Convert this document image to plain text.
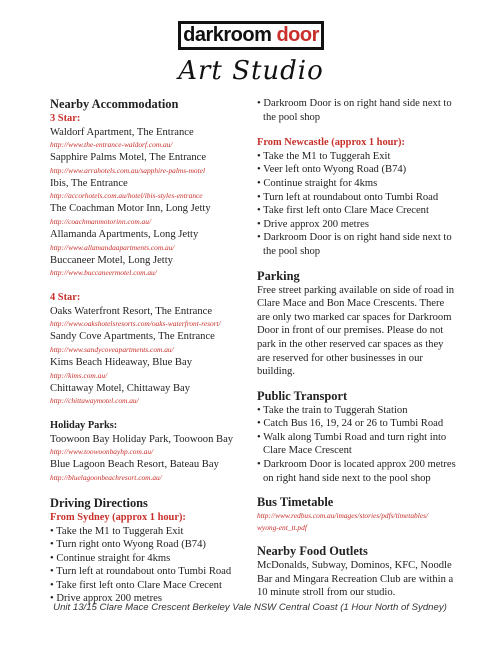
darkroom door
Art Studio
Nearby Accommodation
3 Star:
Waldorf Apartment, The Entrance
http://www.the-entrance-waldorf.com.au/
Sapphire Palms Motel, The Entrance
http://www.arrahotels.com.au/sapphire-palms-motel
Ibis, The Entrance
http://accorhotels.com.au/hotel/ibis-styles-entrance
The Coachman Motor Inn, Long Jetty
http://coachmanmotorinn.com.au/
Allamanda Apartments, Long Jetty
http://www.allamandaapartments.com.au/
Buccaneer Motel, Long Jetty
http://www.buccaneermotel.com.au/
4 Star:
Oaks Waterfront Resort, The Entrance
http://www.oakshotelsresorts.com/oaks-waterfront-resort/
Sandy Cove Apartments, The Entrance
http://www.sandycoveapartments.com.au/
Kims Beach Hideaway, Blue Bay
http://kims.com.au/
Chittaway Motel, Chittaway Bay
http://chittawaymotel.com.au/
Holiday Parks:
Toowoon Bay Holiday Park, Toowoon Bay
http://www.toowoonbayhp.com.au/
Blue Lagoon Beach Resort, Bateau Bay
http://bluelagoonbeachresort.com.au/
Driving Directions
From Sydney (approx 1 hour):
• Take the M1 to Tuggerah Exit
• Turn right onto Wyong Road (B74)
• Continue straight for 4kms
• Turn left at roundabout onto Tumbi Road
• Take first left onto Clare Mace Crecent
• Drive approx 200 metres
• Darkroom Door is on right hand side next to the pool shop
From Newcastle (approx 1 hour):
• Take the M1 to Tuggerah Exit
• Veer left onto Wyong Road (B74)
• Continue straight for 4kms
• Turn left at roundabout onto Tumbi Road
• Take first left onto Clare Mace Crecent
• Drive approx 200 metres
• Darkroom Door is on right hand side next to the pool shop
Parking

Free street parking available on side of road in Clare Mace and Bon Mace Crescents. There are only two marked car spaces for Darkroom Door in front of our premises. Please do not park in the other reserved car spaces as they are reserved for other businesses in our building.

Public Transport
• Take the train to Tuggerah Station
• Catch Bus 16, 19, 24 or 26 to Tumbi Road
• Walk along Tumbi Road and turn right into Clare Mace Crescent
• Darkroom Door is located approx 200 metres on right hand side next to the pool shop
Bus Timetable
http://www.redbus.com.au/images/stories/pdfs/timetables/
wyong-ent_tt.pdf
Nearby Food Outlets

McDonalds, Subway, Dominos, KFC, Noodle Bar and Mingara Recreation Club are within a 10 minute stroll from our studio.

Unit 13/15 Clare Mace Crescent Berkeley Vale NSW Central Coast (1 Hour North of Sydney)
